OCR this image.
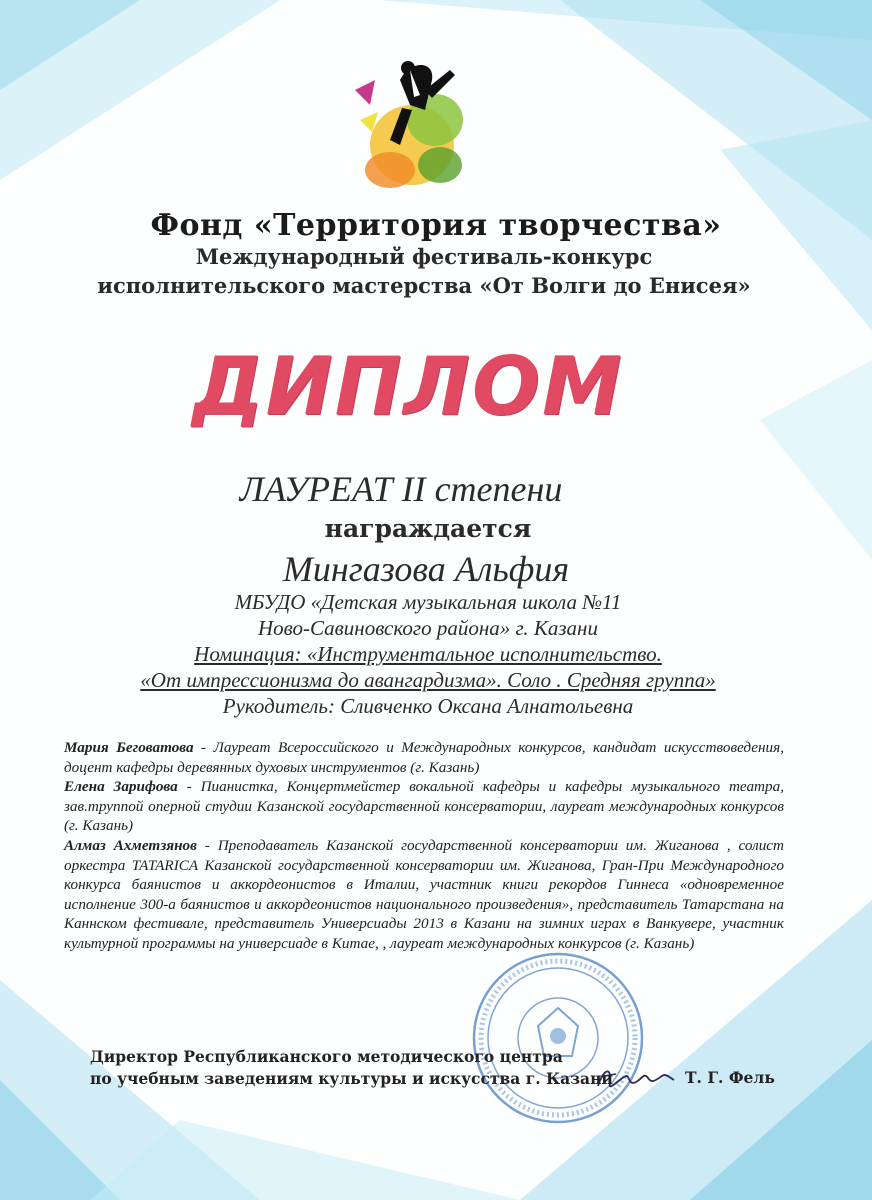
Фонд «Территория творчества»
Международный фестиваль-конкурс
исполнительского мастерства «От Волги до Енисея»
ДИПЛОМ
ЛАУРЕАТ II степени
награждается
Мингазова Альфия
МБУДО «Детская музыкальная школа №11
Ново-Савиновского района» г. Казани
Номинация: «Инструментальное исполнительство.
«От импрессионизма до авангардизма». Соло . Средняя группа»
Рукодитель: Сливченко Оксана Алнатольевна

Мария Беговатова - Лауреат Всероссийского и Международных конкурсов, кандидат искусствоведения, доцент кафедры деревянных духовых инструментов (г. Казань)

Елена Зарифова - Пианистка, Концертмейстер вокальной кафедры и кафедры музыкального театра, зав.труппой оперной студии Казанской государственной консерватории, лауреат международных конкурсов (г. Казань)

Алмаз Ахметзянов - Преподаватель Казанской государственной консерватории им. Жиганова , солист оркестра TATARICA Казанской государственной консерватории им. Жиганова, Гран-При Международного конкурса баянистов и аккордеонистов в Италии, участник книги рекордов Гиннеса «одновременное исполнение 300-а баянистов и аккордеонистов национального произведения», представитель Татарстана на Каннском фестивале, представитель Универсиады 2013 в Казани на зимних играх в Ванкувере, участник культурной программы на универсиаде в Китае, , лауреат международных конкурсов (г. Казань)

Директор Республиканского методического центра
по учебным заведениям культуры и искусства г. Казани	Т. Г. Фель
